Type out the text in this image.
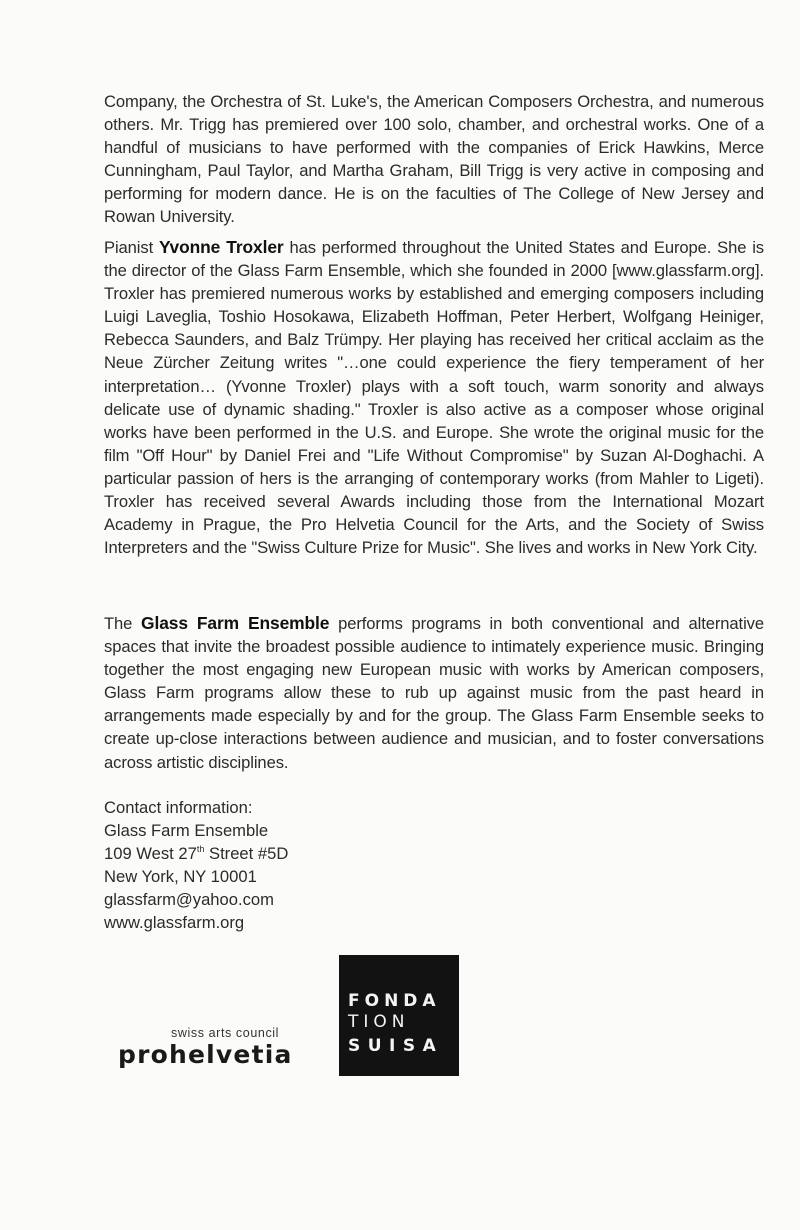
Company, the Orchestra of St. Luke's, the American Composers Orchestra, and numerous others. Mr. Trigg has premiered over 100 solo, chamber, and orchestral works. One of a handful of musicians to have performed with the companies of Erick Hawkins, Merce Cunningham, Paul Taylor, and Martha Graham, Bill Trigg is very active in composing and performing for modern dance. He is on the faculties of The College of New Jersey and Rowan University.

Pianist Yvonne Troxler has performed throughout the United States and Europe. She is the director of the Glass Farm Ensemble, which she founded in 2000 [www.glassfarm.org]. Troxler has premiered numerous works by established and emerging composers including Luigi Laveglia, Toshio Hosokawa, Elizabeth Hoffman, Peter Herbert, Wolfgang Heiniger, Rebecca Saunders, and Balz Trümpy. Her playing has received her critical acclaim as the Neue Zürcher Zeitung writes "…one could experience the fiery temperament of her interpretation… (Yvonne Troxler) plays with a soft touch, warm sonority and always delicate use of dynamic shading." Troxler is also active as a composer whose original works have been performed in the U.S. and Europe. She wrote the original music for the film "Off Hour" by Daniel Frei and "Life Without Compromise" by Suzan Al-Doghachi. A particular passion of hers is the arranging of contemporary works (from Mahler to Ligeti). Troxler has received several Awards including those from the International Mozart Academy in Prague, the Pro Helvetia Council for the Arts, and the Society of Swiss Interpreters and the "Swiss Culture Prize for Music". She lives and works in New York City.

The Glass Farm Ensemble performs programs in both conventional and alternative spaces that invite the broadest possible audience to intimately experience music. Bringing together the most engaging new European music with works by American composers, Glass Farm programs allow these to rub up against music from the past heard in arrangements made especially by and for the group. The Glass Farm Ensemble seeks to create up-close interactions between audience and musician, and to foster conversations across artistic disciplines.

Contact information:
Glass Farm Ensemble
109 West 27th Street #5D
New York, NY 10001
glassfarm@yahoo.com
www.glassfarm.org
swiss arts council
prohelvetia
FONDA
TION
SUISA
